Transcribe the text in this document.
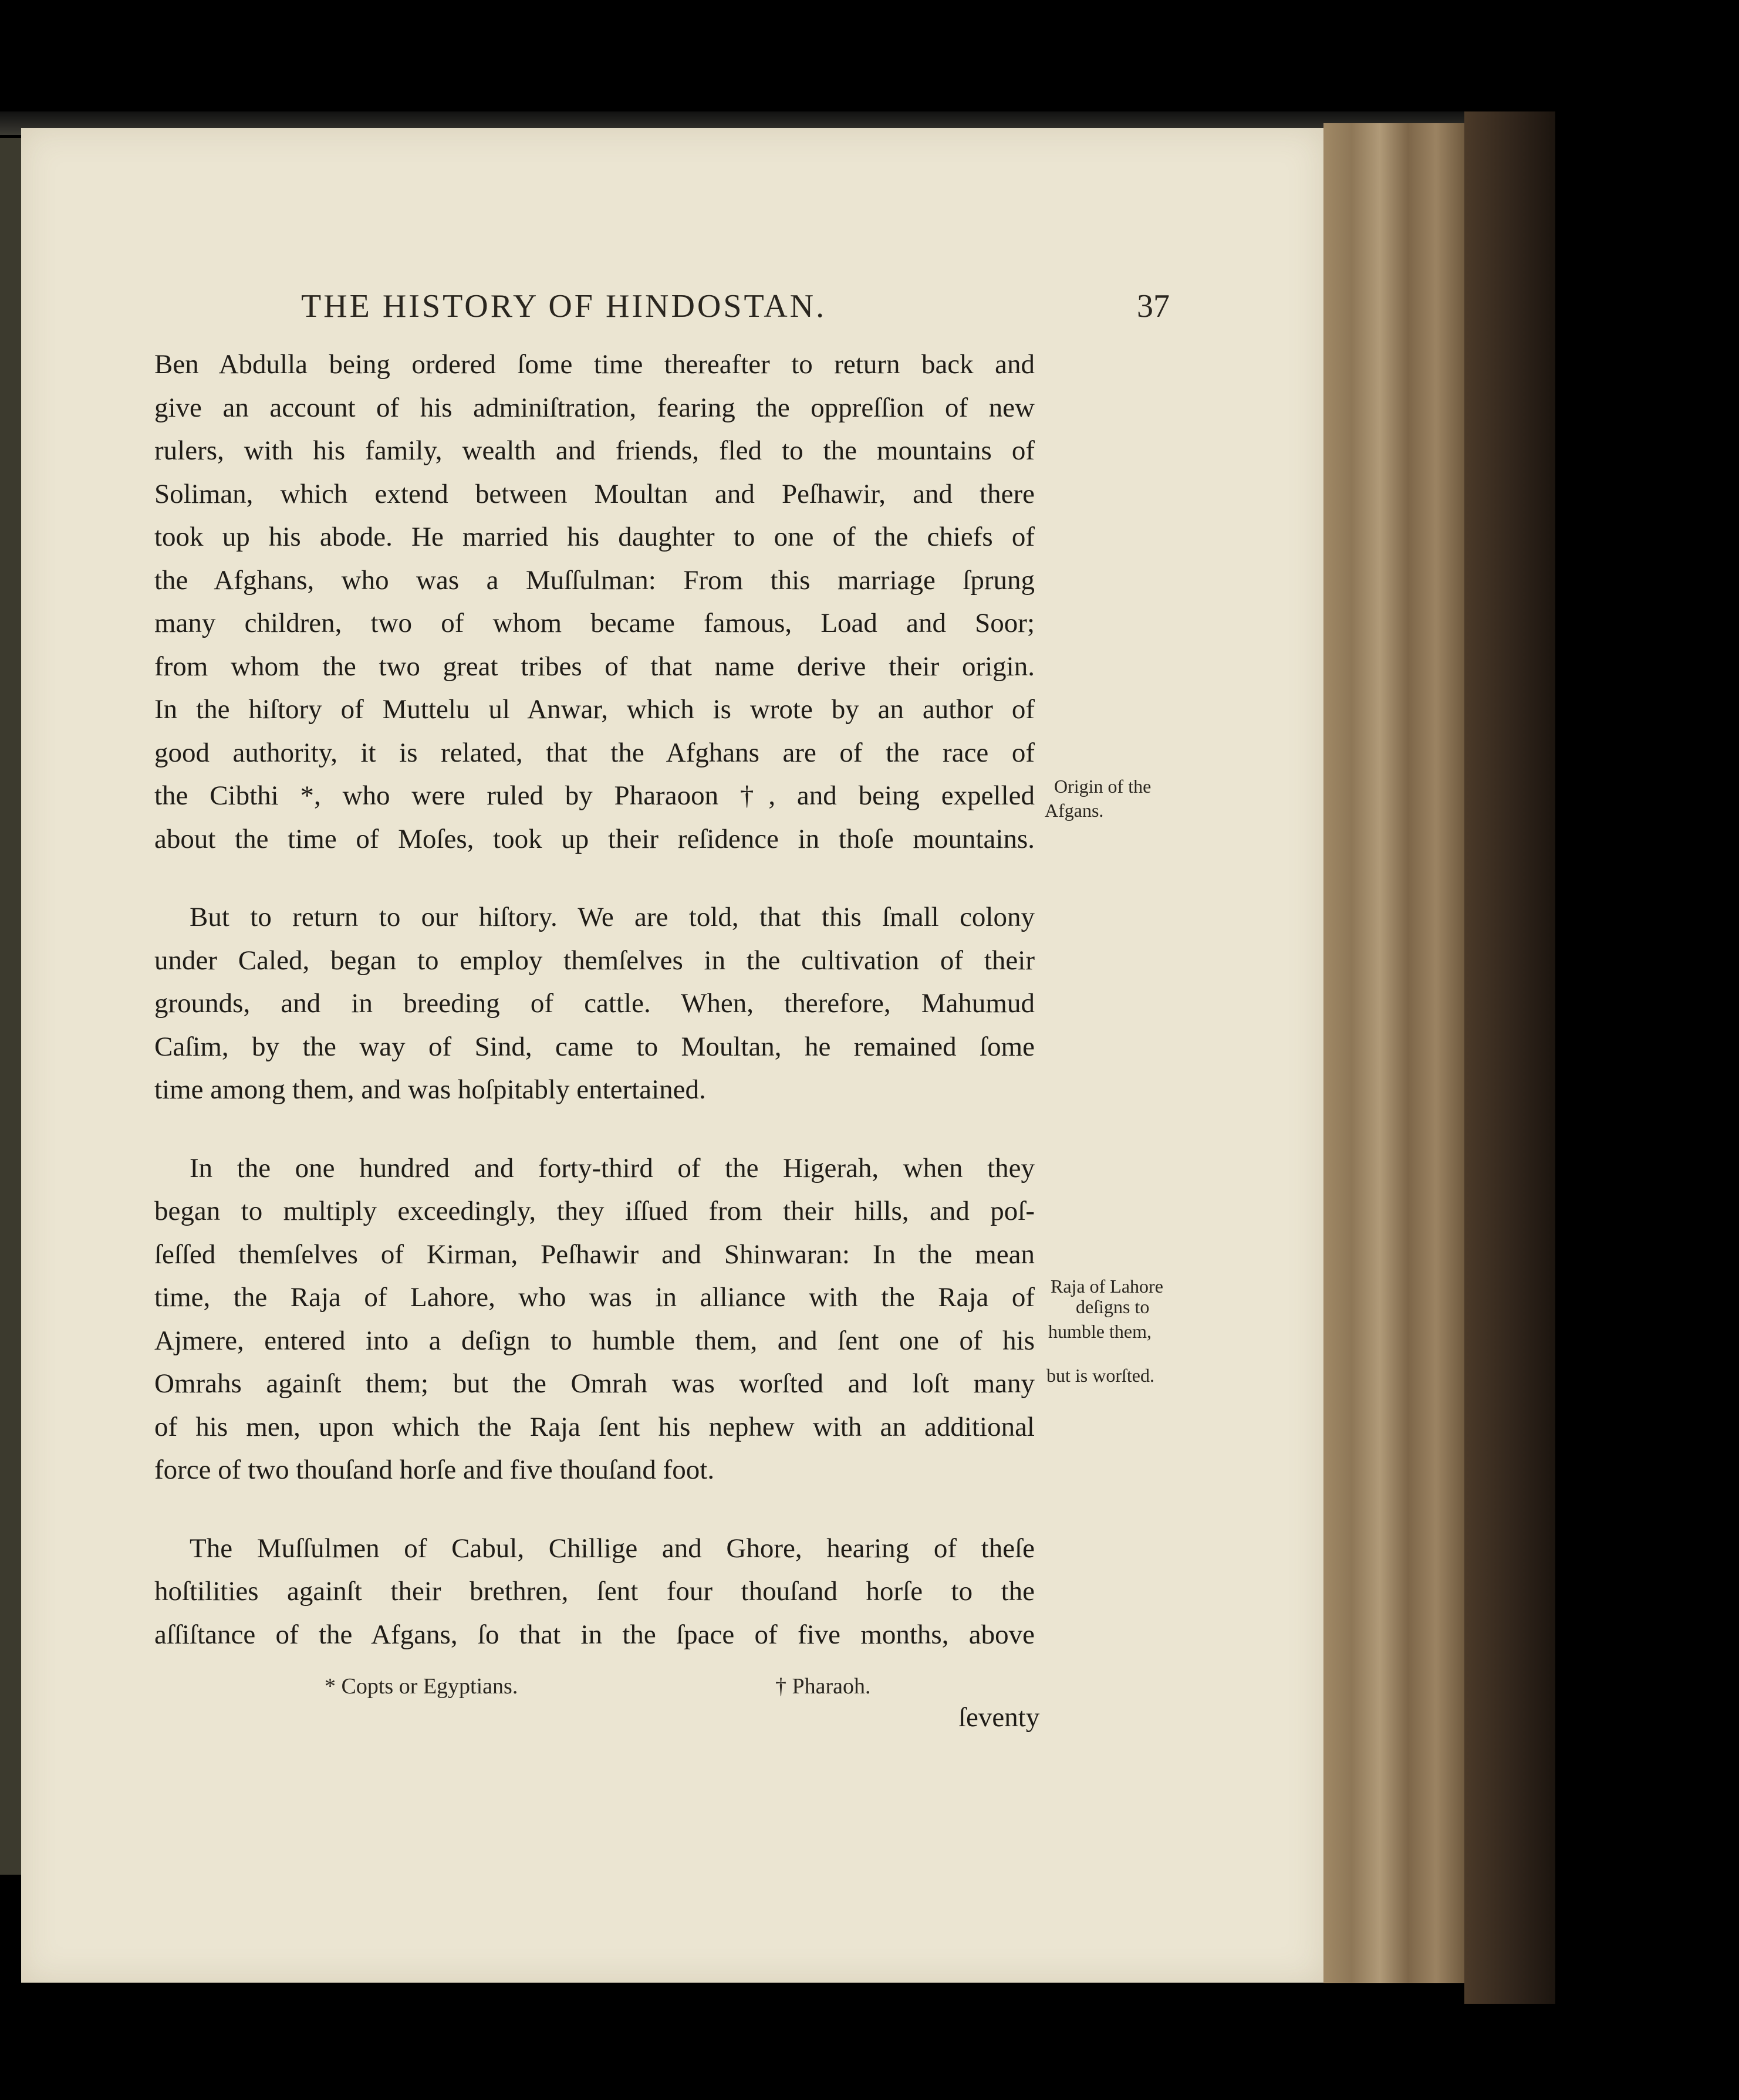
THE HISTORY OF HINDOSTAN.	37
Ben Abdulla being ordered ſome time thereafter to return back and
give an account of his adminiſtration, fearing the oppreſſion of new
rulers, with his family, wealth and friends, fled to the mountains of
Soliman, which extend between Moultan and Peſhawir, and there
took up his abode. He married his daughter to one of the chiefs of
the Afghans, who was a Muſſulman: From this marriage ſprung
many children, two of whom became famous, Load and Soor;
from whom the two great tribes of that name derive their origin.
In the hiſtory of Muttelu ul Anwar, which is wrote by an author of
good authority, it is related, that the Afghans are of the race of
the Cibthi *, who were ruled by Pharaoon †, and being expelled
about the time of Moſes, took up their reſidence in thoſe mountains.
But to return to our hiſtory. We are told, that this ſmall colony
under Caled, began to employ themſelves in the cultivation of their
grounds, and in breeding of cattle. When, therefore, Mahumud
Caſim, by the way of Sind, came to Moultan, he remained ſome
time among them, and was hoſpitably entertained.
In the one hundred and forty-third of the Higerah, when they
began to multiply exceedingly, they iſſued from their hills, and poſ-
ſeſſed themſelves of Kirman, Peſhawir and Shinwaran: In the mean
time, the Raja of Lahore, who was in alliance with the Raja of
Ajmere, entered into a deſign to humble them, and ſent one of his
Omrahs againſt them; but the Omrah was worſted and loſt many
of his men, upon which the Raja ſent his nephew with an additional
force of two thouſand horſe and five thouſand foot.
The Muſſulmen of Cabul, Chillige and Ghore, hearing of theſe
hoſtilities againſt their brethren, ſent four thouſand horſe to the
aſſiſtance of the Afgans, ſo that in the ſpace of five months, above
Origin of the
Afgans.
Raja of Lahore
deſigns to
humble them,
but is worſted.
* Copts or Egyptians.	† Pharaoh.
ſeventy
